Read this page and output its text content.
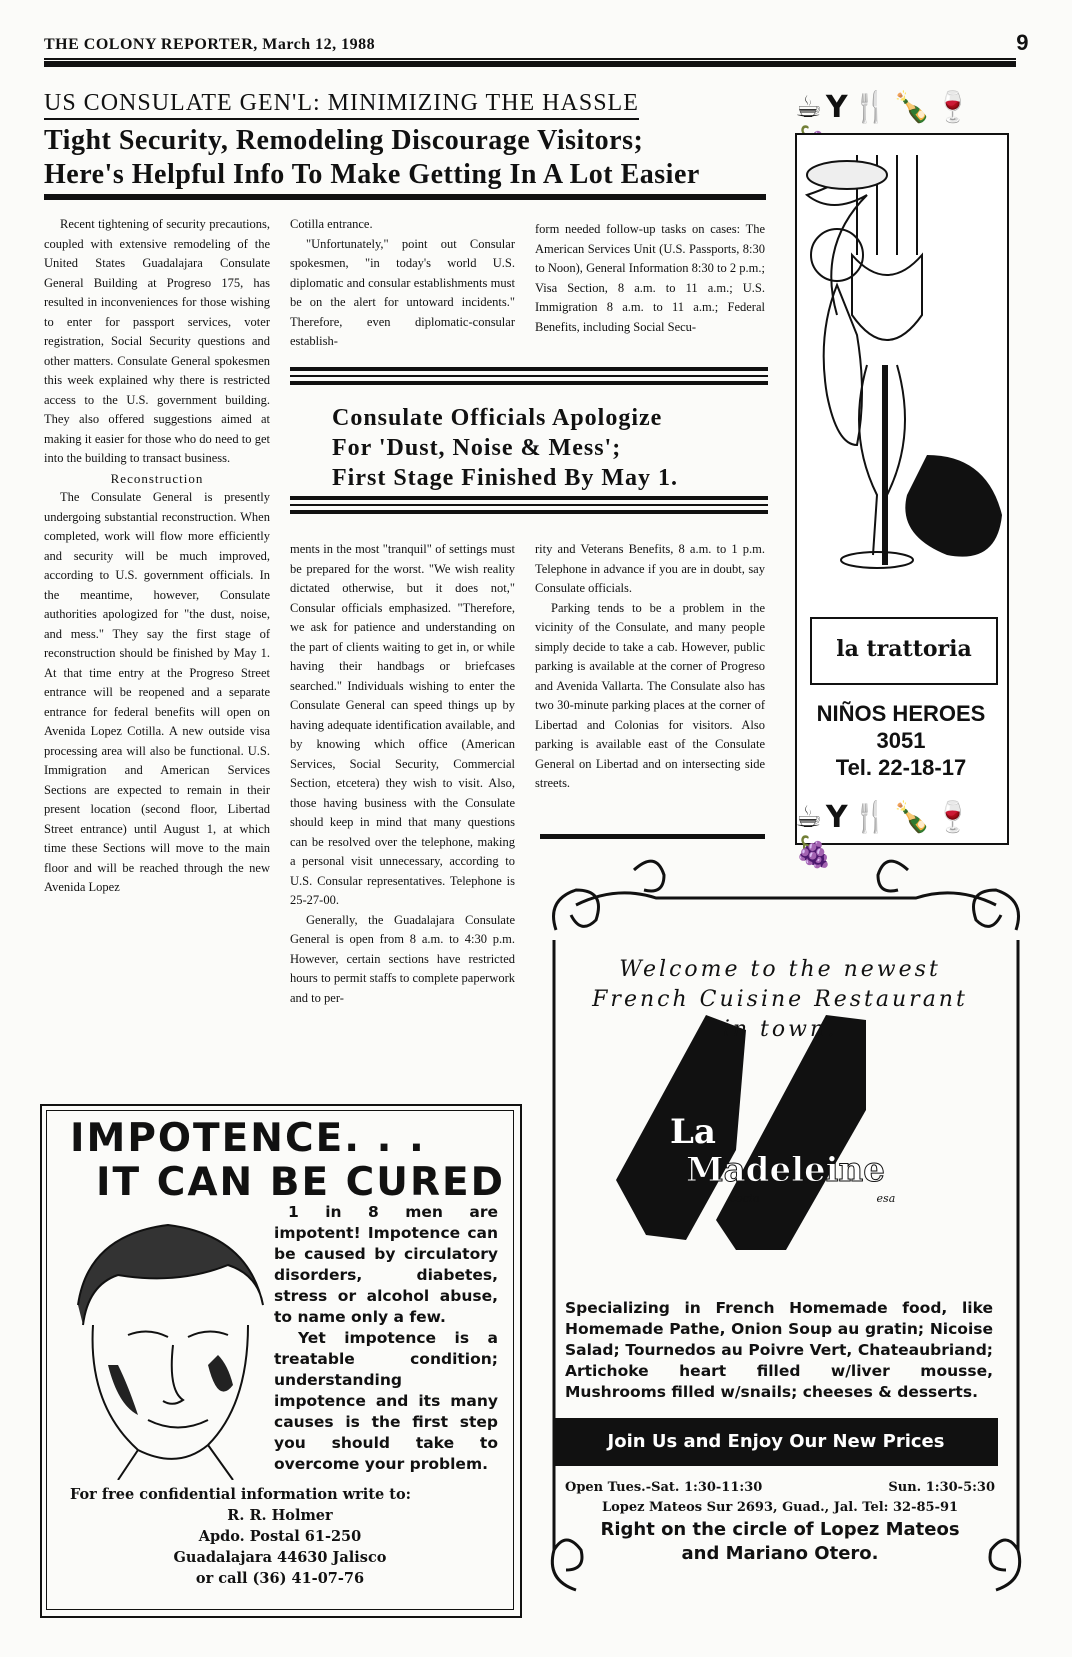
THE COLONY REPORTER, March 12, 1988	9
US CONSULATE GEN'L: MINIMIZING THE HASSLE
Tight Security, Remodeling Discourage Visitors;
Here's Helpful Info To Make Getting In A Lot Easier

Recent tightening of security precautions, coupled with extensive remodeling of the United States Guadalajara Consulate General Building at Progreso 175, has resulted in inconveniences for those wishing to enter for passport services, voter registration, Social Security questions and other matters. Consulate General spokesmen this week explained why there is restricted access to the U.S. government building. They also offered suggestions aimed at making it easier for those who do need to get into the building to transact business.

Reconstruction

The Consulate General is presently undergoing substantial reconstruction. When completed, work will flow more efficiently and security will be much improved, according to U.S. government officials. In the meantime, however, Consulate authorities apologized for "the dust, noise, and mess." They say the first stage of reconstruction should be finished by May 1. At that time entry at the Progreso Street entrance will be reopened and a separate entrance for federal benefits will open on Avenida Lopez Cotilla. A new outside visa processing area will also be functional. U.S. Immigration and American Services Sections are expected to remain in their present location (second floor, Libertad Street entrance) until August 1, at which time these Sections will move to the main floor and will be reached through the new Avenida Lopez

Cotilla entrance.

"Unfortunately," point out Consular spokesmen, "in today's world U.S. diplomatic and consular establishments must be on the alert for untoward incidents." Therefore, even diplomatic-consular establish-

form needed follow-up tasks on cases: The American Services Unit (U.S. Passports, 8:30 to Noon), General Information 8:30 to 2 p.m.; Visa Section, 8 a.m. to 11 a.m.; U.S. Immigration 8 a.m. to 11 a.m.; Federal Benefits, including Social Secu-

Consulate Officials Apologize
For 'Dust, Noise & Mess';
First Stage Finished By May 1.

ments in the most "tranquil" of settings must be prepared for the worst. "We wish reality dictated otherwise, but it does not," Consular officials emphasized. "Therefore, we ask for patience and understanding on the part of clients waiting to get in, or while having their handbags or briefcases searched." Individuals wishing to enter the Consulate General can speed things up by having adequate identification available, and by knowing which office (American Services, Social Security, Commercial Section, etcetera) they wish to visit. Also, those having business with the Consulate should keep in mind that many questions can be resolved over the telephone, making a personal visit unnecessary, according to U.S. Consular representatives. Telephone is 25-27-00.

Generally, the Guadalajara Consulate General is open from 8 a.m. to 4:30 p.m. However, certain sections have restricted hours to permit staffs to complete paperwork and to per-

rity and Veterans Benefits, 8 a.m. to 1 p.m. Telephone in advance if you are in doubt, say Consulate officials.

Parking tends to be a problem in the vicinity of the Consulate, and many people simply decide to take a cab. However, public parking is available at the corner of Progreso and Avenida Vallarta. The Consulate also has two 30-minute parking places at the corner of Libertad and Colonias for visitors. Also parking is available east of the Consulate General on Libertad and on intersecting side streets.

☕Y🍴🍾🍷
la trattoria
NIÑOS HEROES
3051
Tel. 22-18-17
☕Y🍴🍾🍷🍇
IMPOTENCE. . .
IT CAN BE CURED

1 in 8 men are impotent! Impotence can be caused by circulatory disorders, diabetes, stress or alcohol abuse, to name only a few.

Yet impotence is a treatable condition; understanding impotence and its many causes is the first step you should take to overcome your problem.

For free confidential information write to:
R. R. Holmer
Apdo. Postal 61-250
Guadalajara 44630 Jalisco
or call (36) 41-07-76
Welcome to the newest
French Cuisine Restaurant
in town.
La
Madeleine
cocin	esa
Specializing in French Homemade food, like Homemade Pathe, Onion Soup au gratin; Nicoise Salad; Tournedos au Poivre Vert, Chateaubriand; Artichoke heart filled w/liver mousse, Mushrooms filled w/snails; cheeses & desserts.
Join Us and Enjoy Our New Prices
Open Tues.-Sat. 1:30-11:30	Sun. 1:30-5:30
Lopez Mateos Sur 2693, Guad., Jal. Tel: 32-85-91
Right on the circle of Lopez Mateos
and Mariano Otero.
